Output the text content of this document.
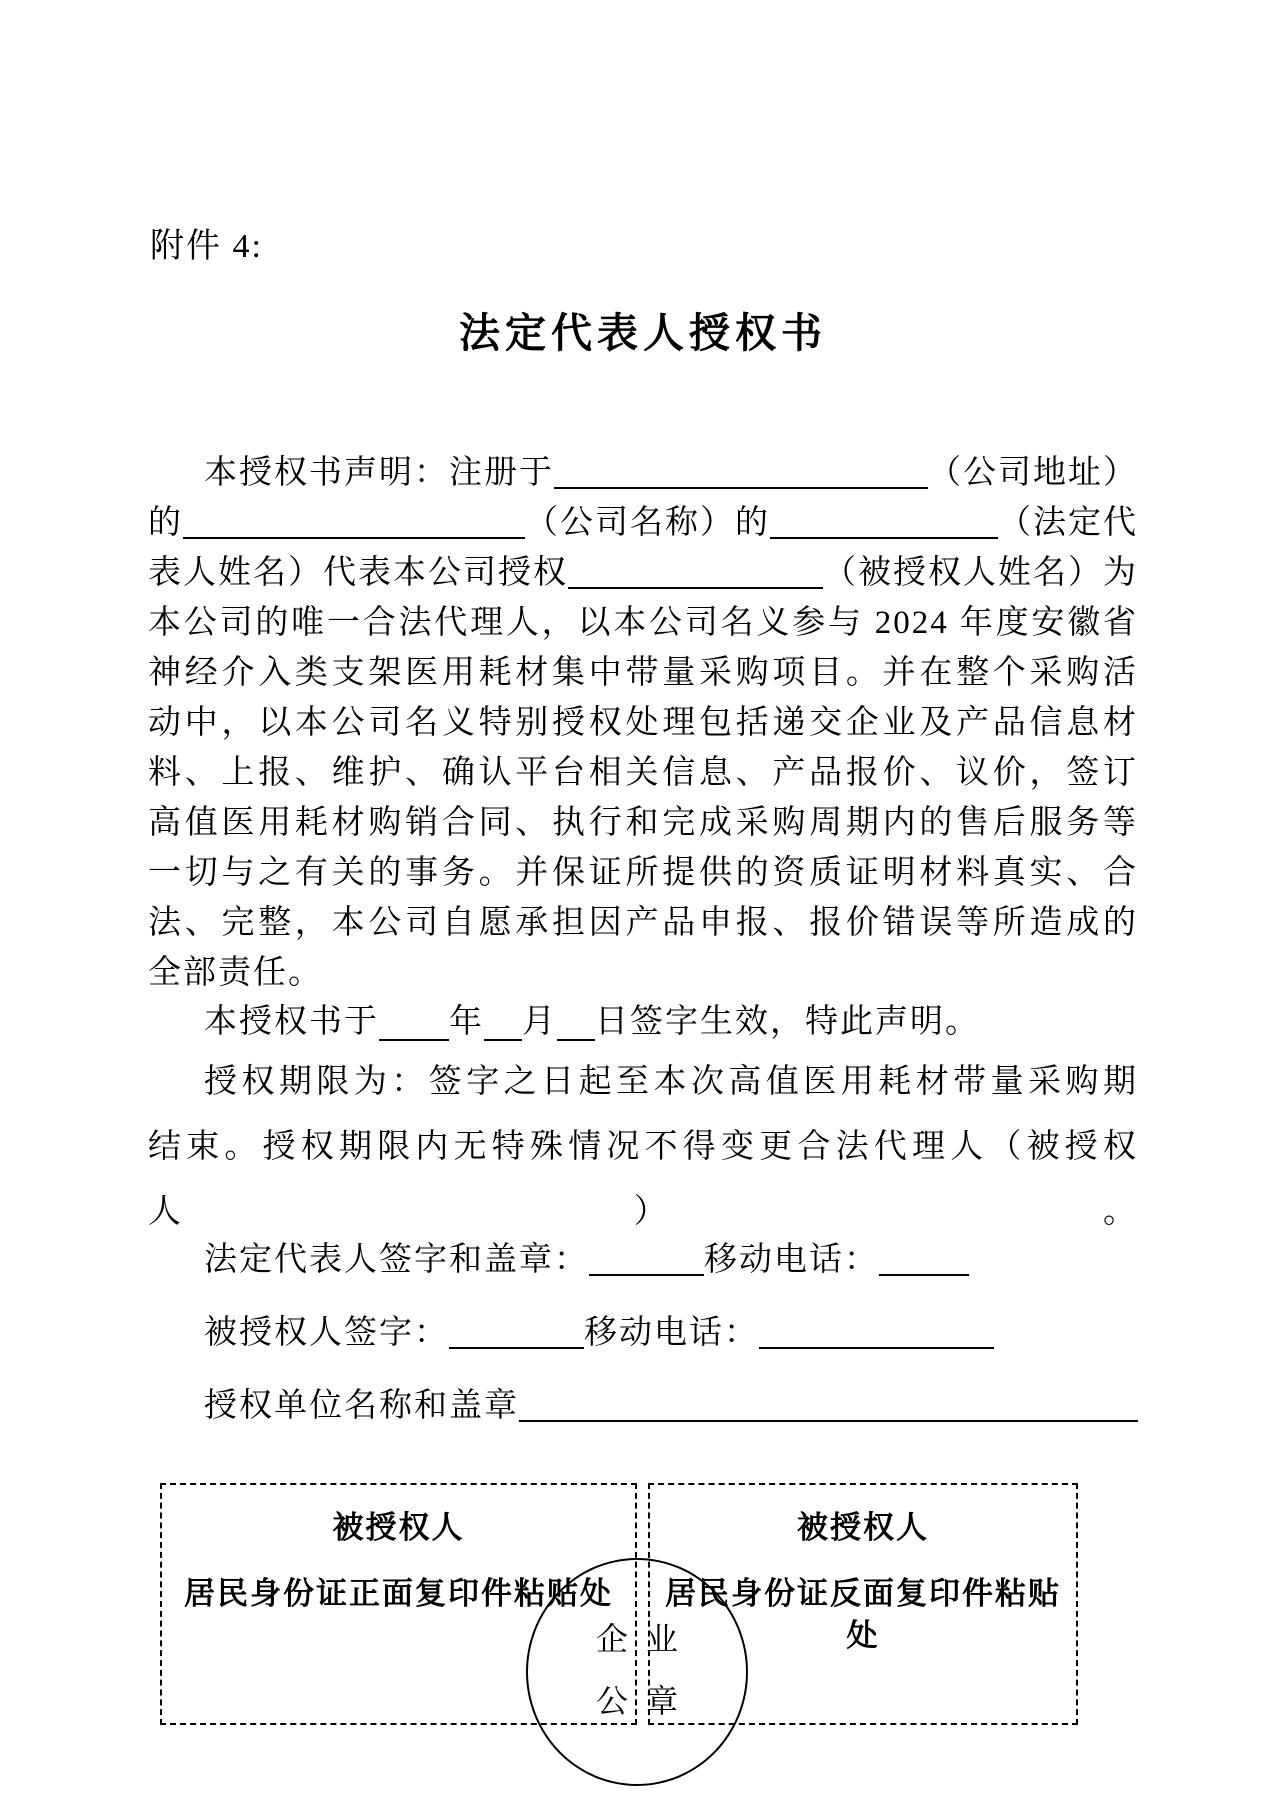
附件 4:
法定代表人授权书
本授权书声明：注册于	（公司地址）
的	（公司名称）的	（法定代
表人姓名）代表本公司授权	（被授权人姓名）为
本公司的唯一合法代理人，以本公司名义参与 2024 年度安徽省
神经介入类支架医用耗材集中带量采购项目。并在整个采购活
动中，以本公司名义特别授权处理包括递交企业及产品信息材
料、上报、维护、确认平台相关信息、产品报价、议价，签订
高值医用耗材购销合同、执行和完成采购周期内的售后服务等
一切与之有关的事务。并保证所提供的资质证明材料真实、合
法、完整，本公司自愿承担因产品申报、报价错误等所造成的
全部责任。
本授权书于 年 月 日签字生效，特此声明。
授权期限为：签字之日起至本次高值医用耗材带量采购期
结束。授权期限内无特殊情况不得变更合法代理人（被授权人）。
法定代表人签字和盖章：	移动电话：
被授权人签字：	移动电话：
授权单位名称和盖章
被授权人
居民身份证正面复印件粘贴处
被授权人
居民身份证反面复印件粘贴处
企 业
公 章
